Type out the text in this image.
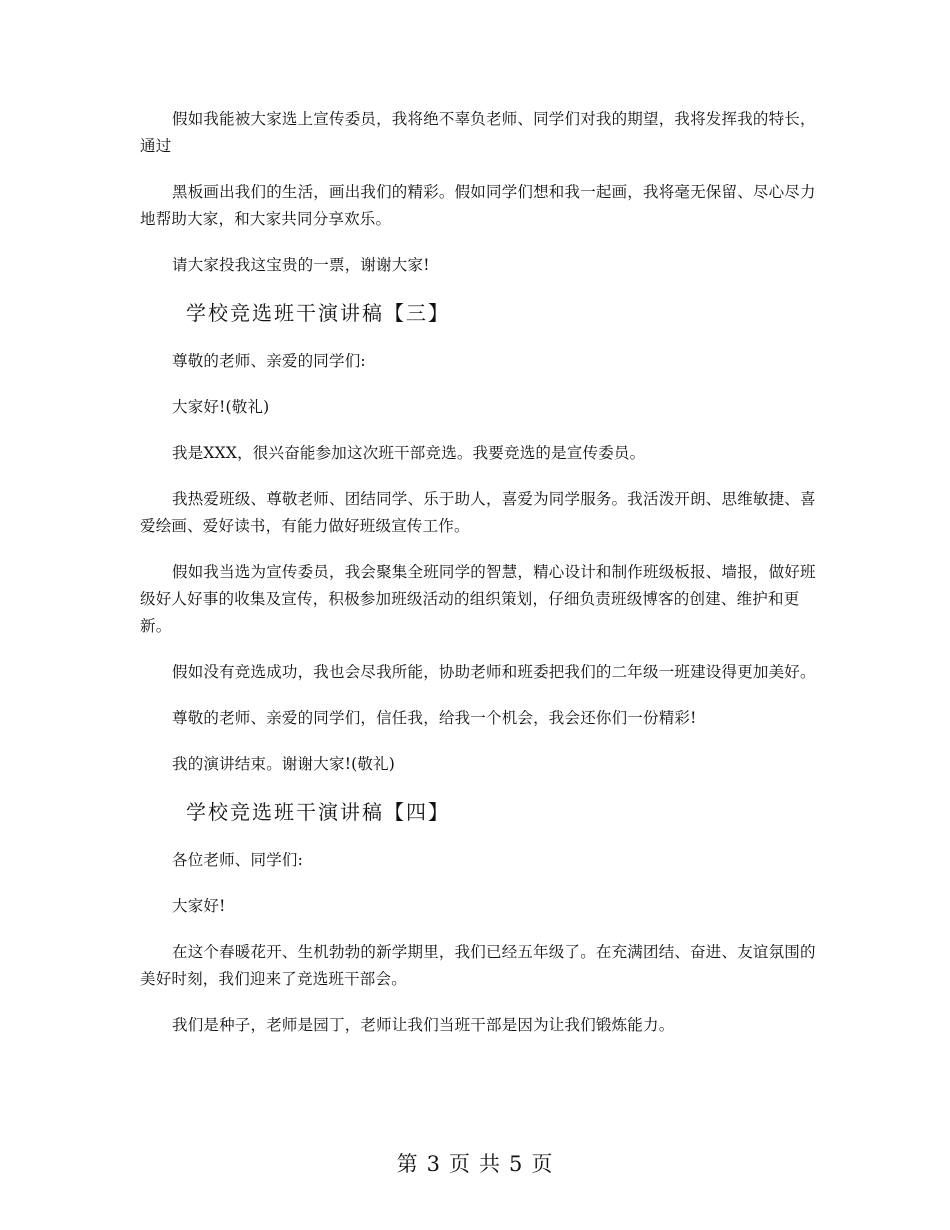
假如我能被大家选上宣传委员，我将绝不辜负老师、同学们对我的期望，我将发挥我的特长，通过

黑板画出我们的生活，画出我们的精彩。假如同学们想和我一起画，我将毫无保留、尽心尽力地帮助大家，和大家共同分享欢乐。

请大家投我这宝贵的一票，谢谢大家!

学校竞选班干演讲稿【三】

尊敬的老师、亲爱的同学们:

大家好!(敬礼)

我是XXX，很兴奋能参加这次班干部竞选。我要竞选的是宣传委员。

我热爱班级、尊敬老师、团结同学、乐于助人，喜爱为同学服务。我活泼开朗、思维敏捷、喜爱绘画、爱好读书，有能力做好班级宣传工作。

假如我当选为宣传委员，我会聚集全班同学的智慧，精心设计和制作班级板报、墙报，做好班级好人好事的收集及宣传，积极参加班级活动的组织策划，仔细负责班级博客的创建、维护和更新。

假如没有竞选成功，我也会尽我所能，协助老师和班委把我们的二年级一班建设得更加美好。

尊敬的老师、亲爱的同学们，信任我，给我一个机会，我会还你们一份精彩!

我的演讲结束。谢谢大家!(敬礼)

学校竞选班干演讲稿【四】

各位老师、同学们:

大家好!

在这个春暖花开、生机勃勃的新学期里，我们已经五年级了。在充满团结、奋进、友谊氛围的美好时刻，我们迎来了竞选班干部会。

我们是种子，老师是园丁，老师让我们当班干部是因为让我们锻炼能力。

第 3 页 共 5 页
